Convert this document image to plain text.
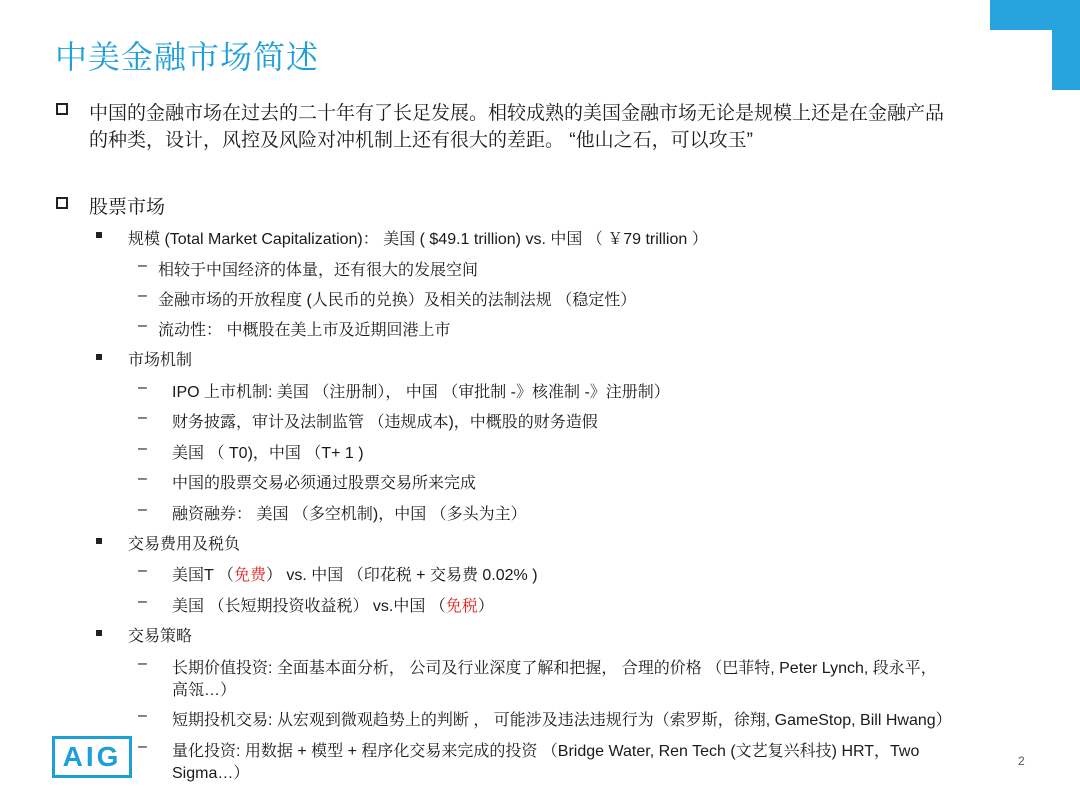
中美金融市场简述
中国的金融市场在过去的二十年有了长足发展。相较成熟的美国金融市场无论是规模上还是在金融产品
的种类，设计，风控及风险对冲机制上还有很大的差距。 “他山之石，可以攻玉”
股票市场
规模 (Total Market Capitalization)： 美国 ( $49.1 trillion) vs. 中国 （ ￥79 trillion ）
– 相较于中国经济的体量，还有很大的发展空间
– 金融市场的开放程度 (人民币的兑换）及相关的法制法规 （稳定性）
– 流动性： 中概股在美上市及近期回港上市
市场机制
– IPO 上市机制: 美国 （注册制）， 中国 （审批制 -》核准制 -》注册制）
– 财务披露，审计及法制监管 （违规成本)，中概股的财务造假
– 美国 （ T0)，中国 （T+ 1 )
– 中国的股票交易必须通过股票交易所来完成
– 融资融券： 美国 （多空机制)，中国 （多头为主）
交易费用及税负
– 美国T （免费） vs. 中国 （印花税 + 交易费 0.02% )
– 美国 （长短期投资收益税） vs.中国 （免税）
交易策略
– 长期价值投资: 全面基本面分析， 公司及行业深度了解和把握， 合理的价格 （巴菲特, Peter Lynch, 段永平，
高瓴…）
– 短期投机交易: 从宏观到微观趋势上的判断 ， 可能涉及违法违规行为（索罗斯，徐翔, GameStop, Bill Hwang）
– 量化投资: 用数据 + 模型 + 程序化交易来完成的投资 （Bridge Water, Ren Tech (文艺复兴科技) HRT，Two
Sigma…）
AIG	2
